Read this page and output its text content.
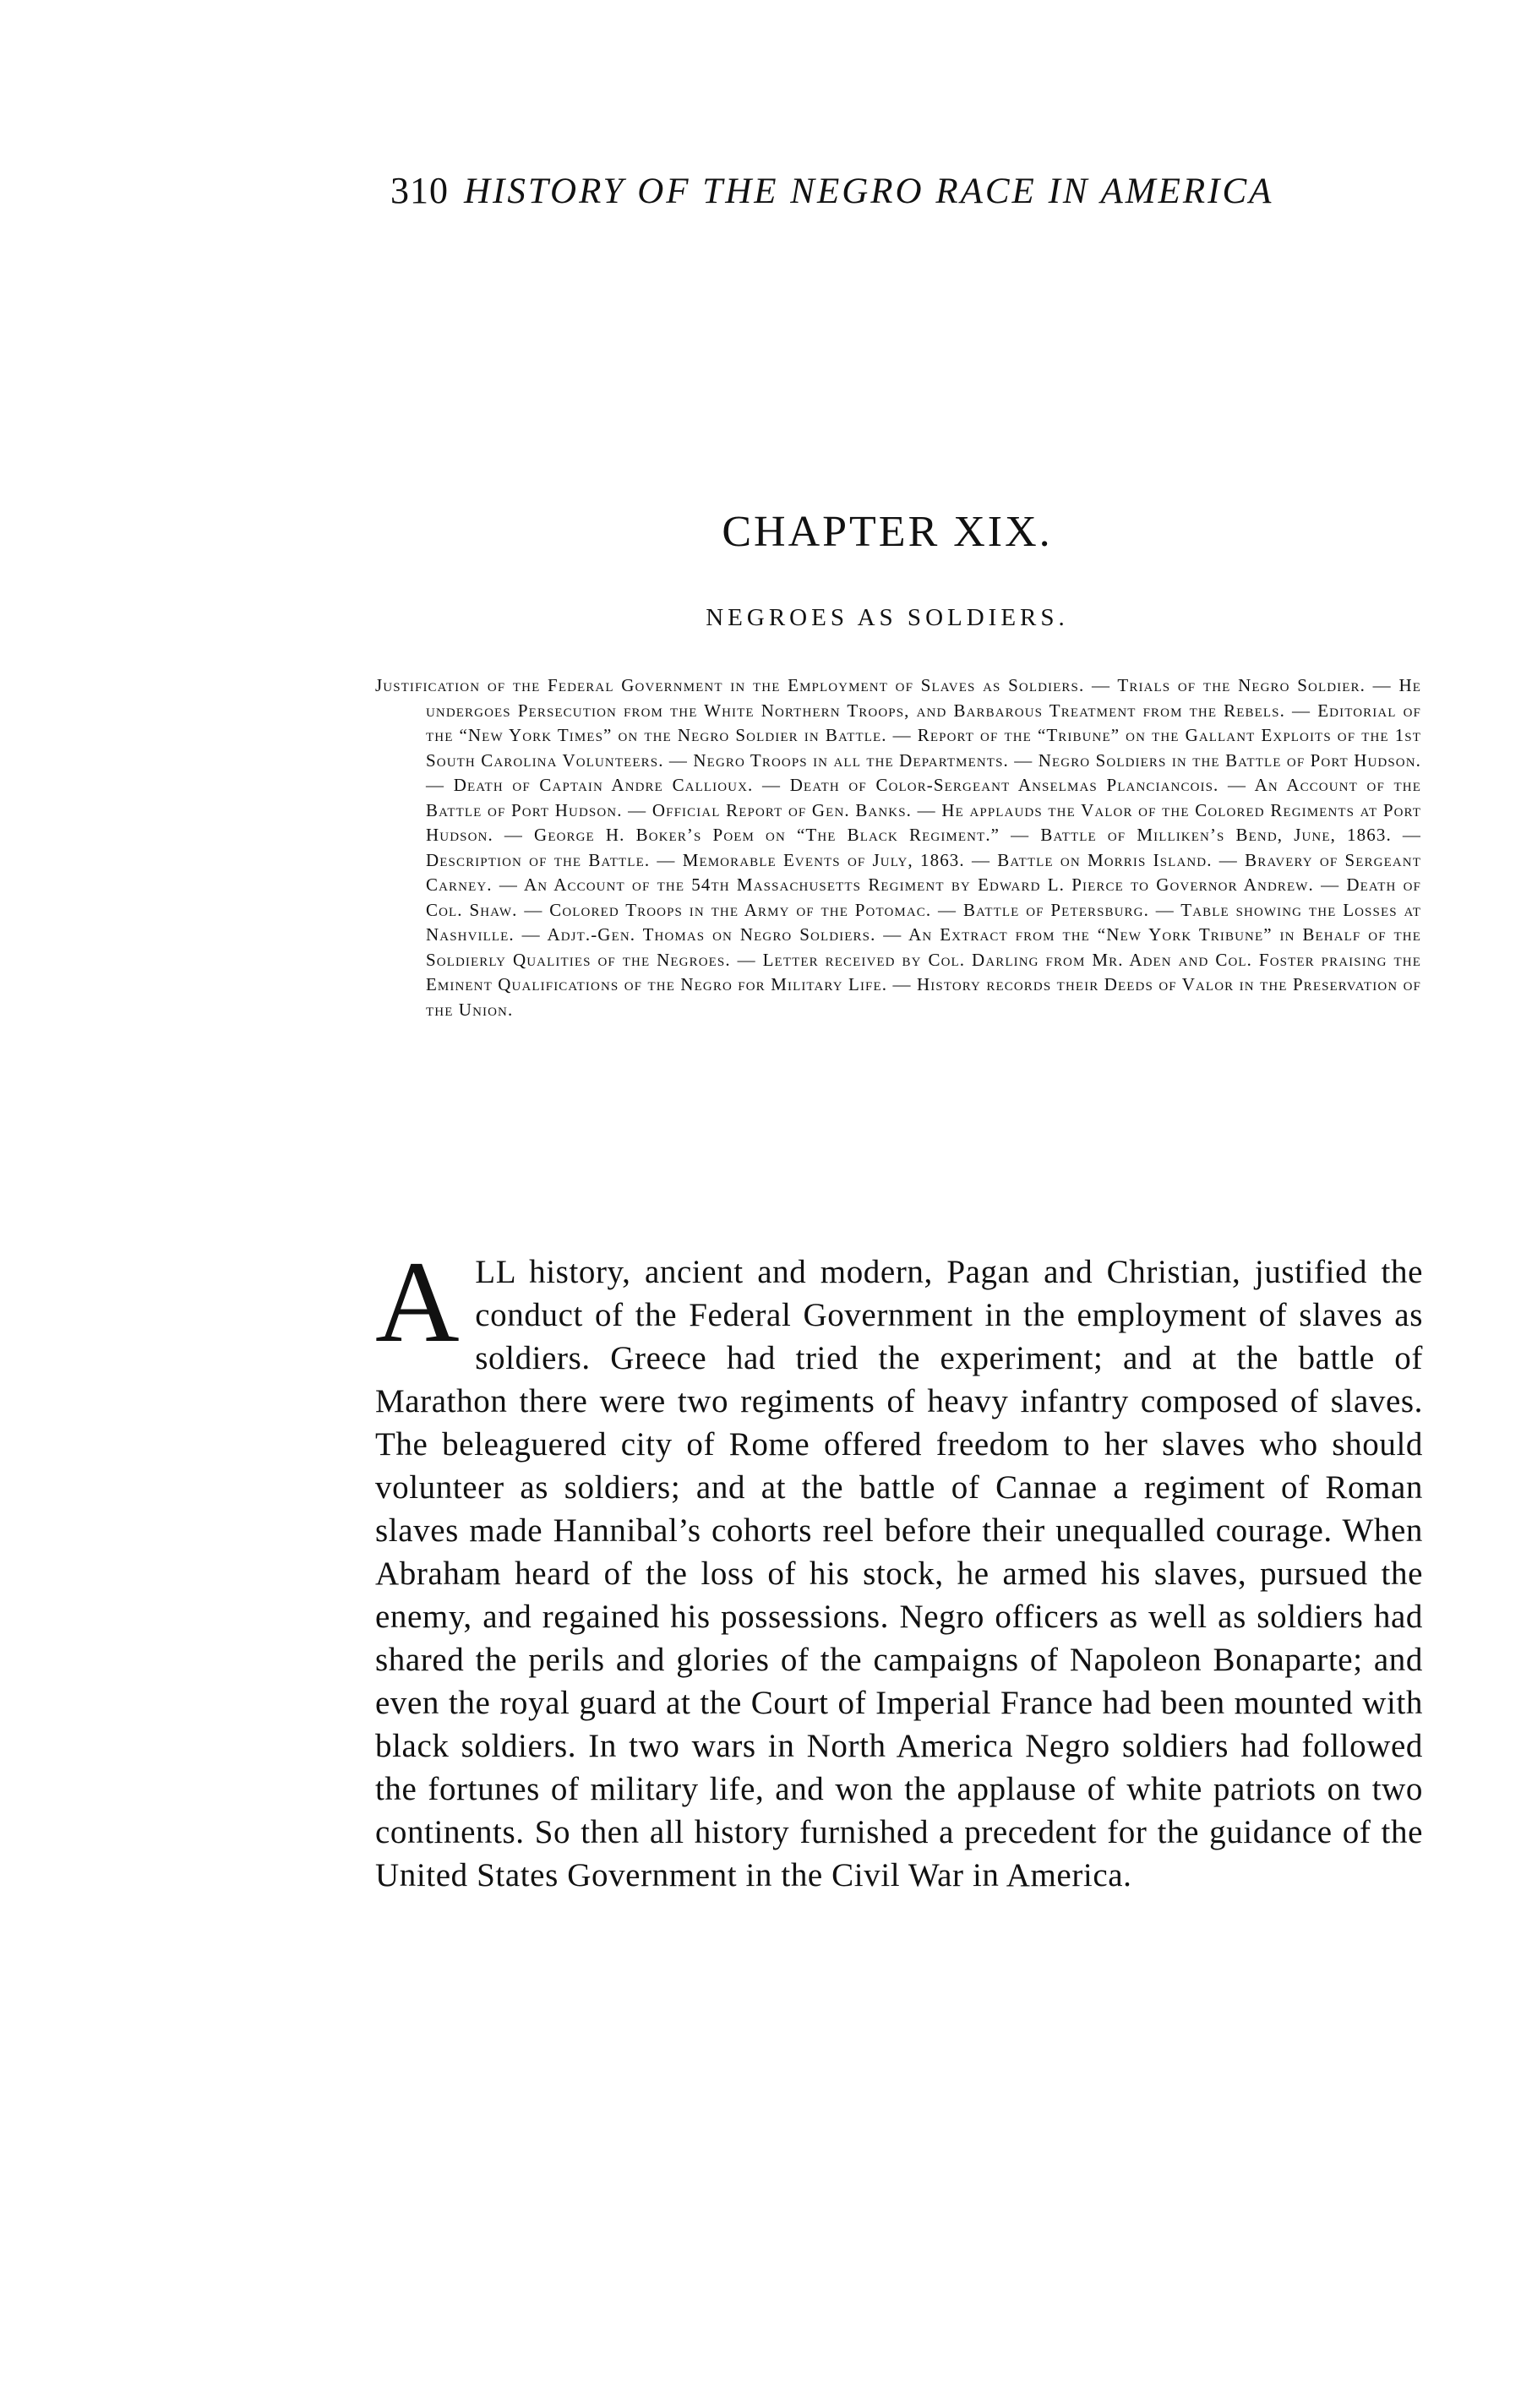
310 HISTORY OF THE NEGRO RACE IN AMERICA
CHAPTER XIX.
NEGROES AS SOLDIERS.

Justification of the Federal Government in the Employment of Slaves as Soldiers. — Trials of the Negro Soldier. — He undergoes Persecution from the White Northern Troops, and Barbarous Treatment from the Rebels. — Editorial of the “New York Times” on the Negro Soldier in Battle. — Report of the “Tribune” on the Gallant Exploits of the 1st South Carolina Volunteers. — Negro Troops in all the Departments. — Negro Soldiers in the Battle of Port Hudson. — Death of Captain Andre Callioux. — Death of Color-Sergeant Anselmas Planciancois. — An Account of the Battle of Port Hudson. — Official Report of Gen. Banks. — He applauds the Valor of the Colored Regiments at Port Hudson. — George H. Boker’s Poem on “The Black Regiment.” — Battle of Milliken’s Bend, June, 1863. — Description of the Battle. — Memorable Events of July, 1863. — Battle on Morris Island. — Bravery of Sergeant Carney. — An Account of the 54th Massachusetts Regiment by Edward L. Pierce to Governor Andrew. — Death of Col. Shaw. — Colored Troops in the Army of the Potomac. — Battle of Petersburg. — Table showing the Losses at Nashville. — Adjt.-Gen. Thomas on Negro Soldiers. — An Extract from the “New York Tribune” in Behalf of the Soldierly Qualities of the Negroes. — Letter received by Col. Darling from Mr. Aden and Col. Foster praising the Eminent Qualifications of the Negro for Military Life. — History records their Deeds of Valor in the Preservation of the Union.

A LL history, ancient and modern, Pagan and Christian, justified the conduct of the Federal Government in the employment of slaves as soldiers. Greece had tried the experiment; and at the battle of Marathon there were two regiments of heavy infantry composed of slaves. The beleaguered city of Rome offered freedom to her slaves who should volunteer as soldiers; and at the battle of Cannae a regiment of Roman slaves made Hannibal’s cohorts reel before their unequalled courage. When Abraham heard of the loss of his stock, he armed his slaves, pursued the enemy, and regained his possessions. Negro officers as well as soldiers had shared the perils and glories of the campaigns of Napoleon Bonaparte; and even the royal guard at the Court of Imperial France had been mounted with black soldiers. In two wars in North America Negro soldiers had followed the fortunes of military life, and won the applause of white patriots on two continents. So then all history furnished a precedent for the guidance of the United States Government in the Civil War in America.
